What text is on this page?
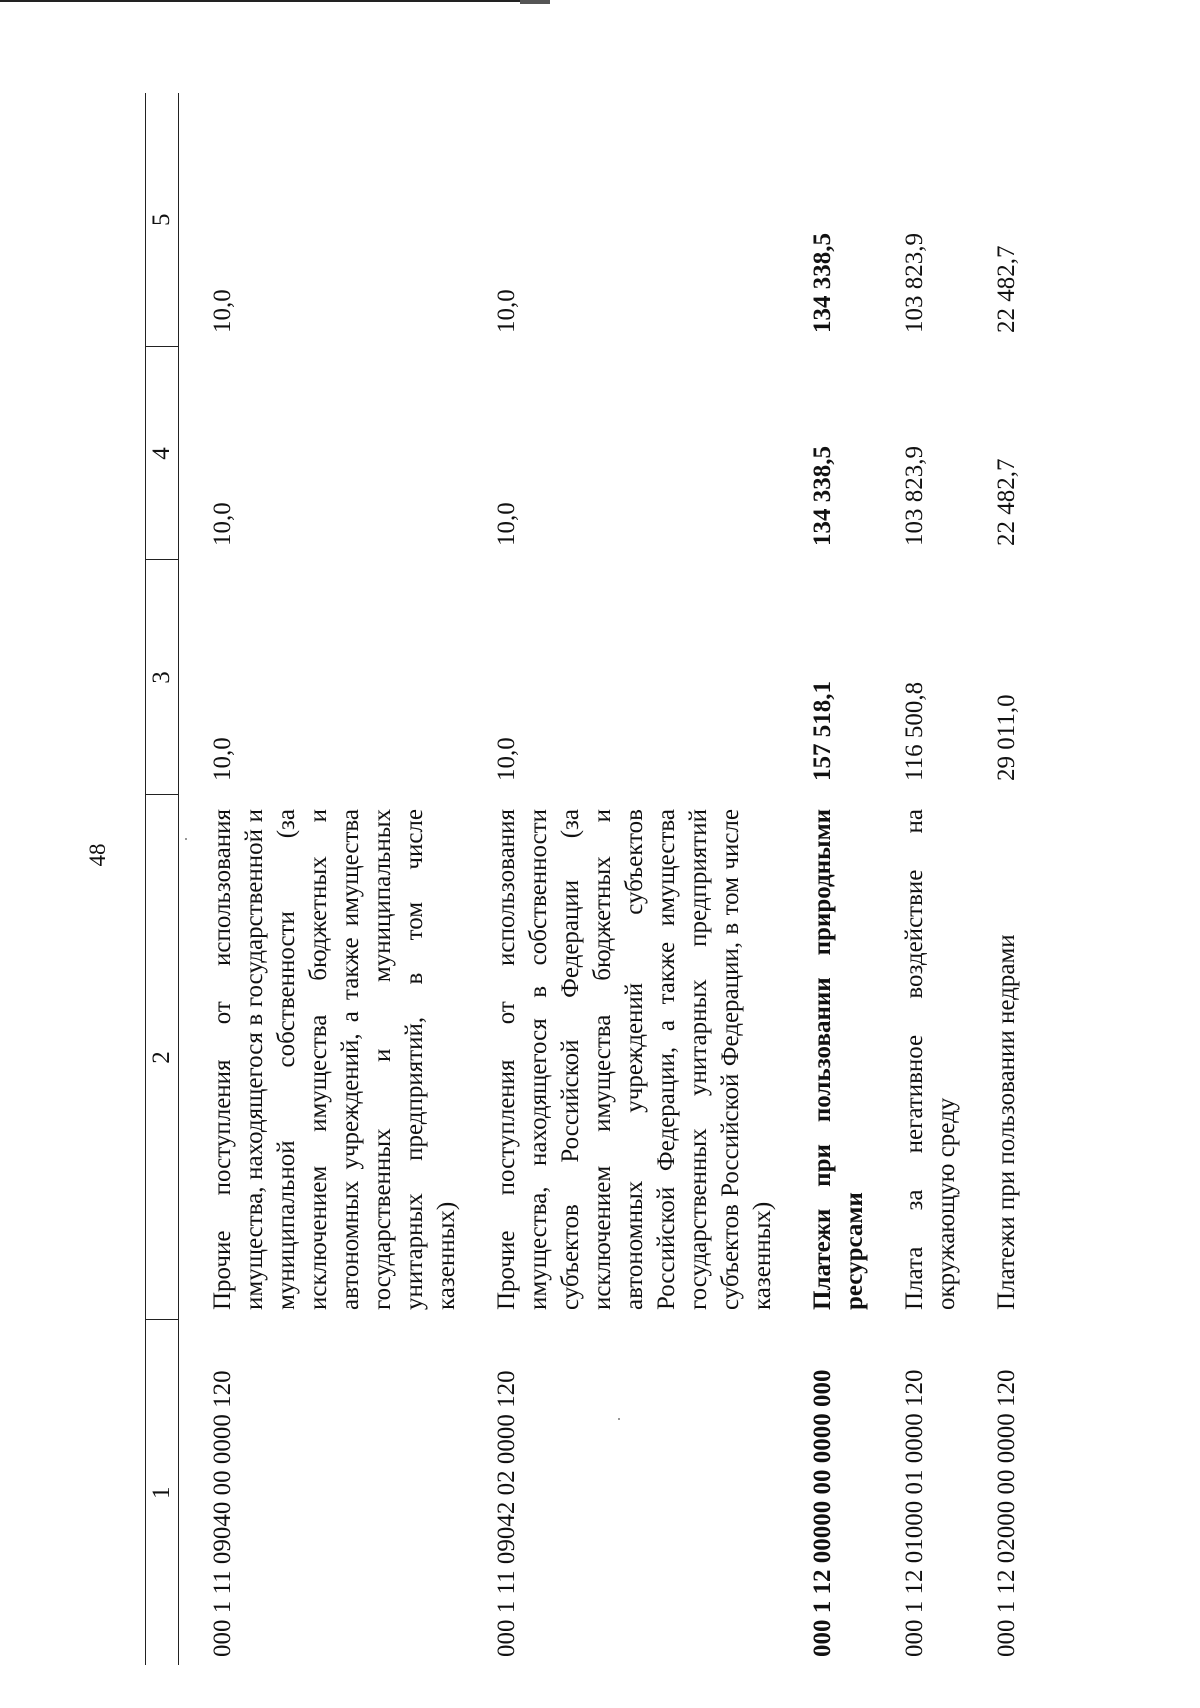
48
1	2	3	4	5
000 1 11 09040 00 0000 120	Прочие поступления от использования имущества, находящегося в государственной и муниципальной собственности (за исключением имущества бюджетных и автономных учреждений, а также имущества государственных и муниципальных унитарных предприятий, в том числе казенных)	10,0	10,0	10,0
000 1 11 09042 02 0000 120	Прочие поступления от использования имущества, находящегося в собственности субъектов Российской Федерации (за исключением имущества бюджетных и автономных учреждений субъектов Российской Федерации, а также имущества государственных унитарных предприятий субъектов Российской Федерации, в том числе казенных)	10,0	10,0	10,0
000 1 12 00000 00 0000 000	Платежи при пользовании природными ресурсами	157 518,1	134 338,5	134 338,5
000 1 12 01000 01 0000 120	Плата за негативное воздействие на окружающую среду	116 500,8	103 823,9	103 823,9
000 1 12 02000 00 0000 120	Платежи при пользовании недрами	29 011,0	22 482,7	22 482,7
